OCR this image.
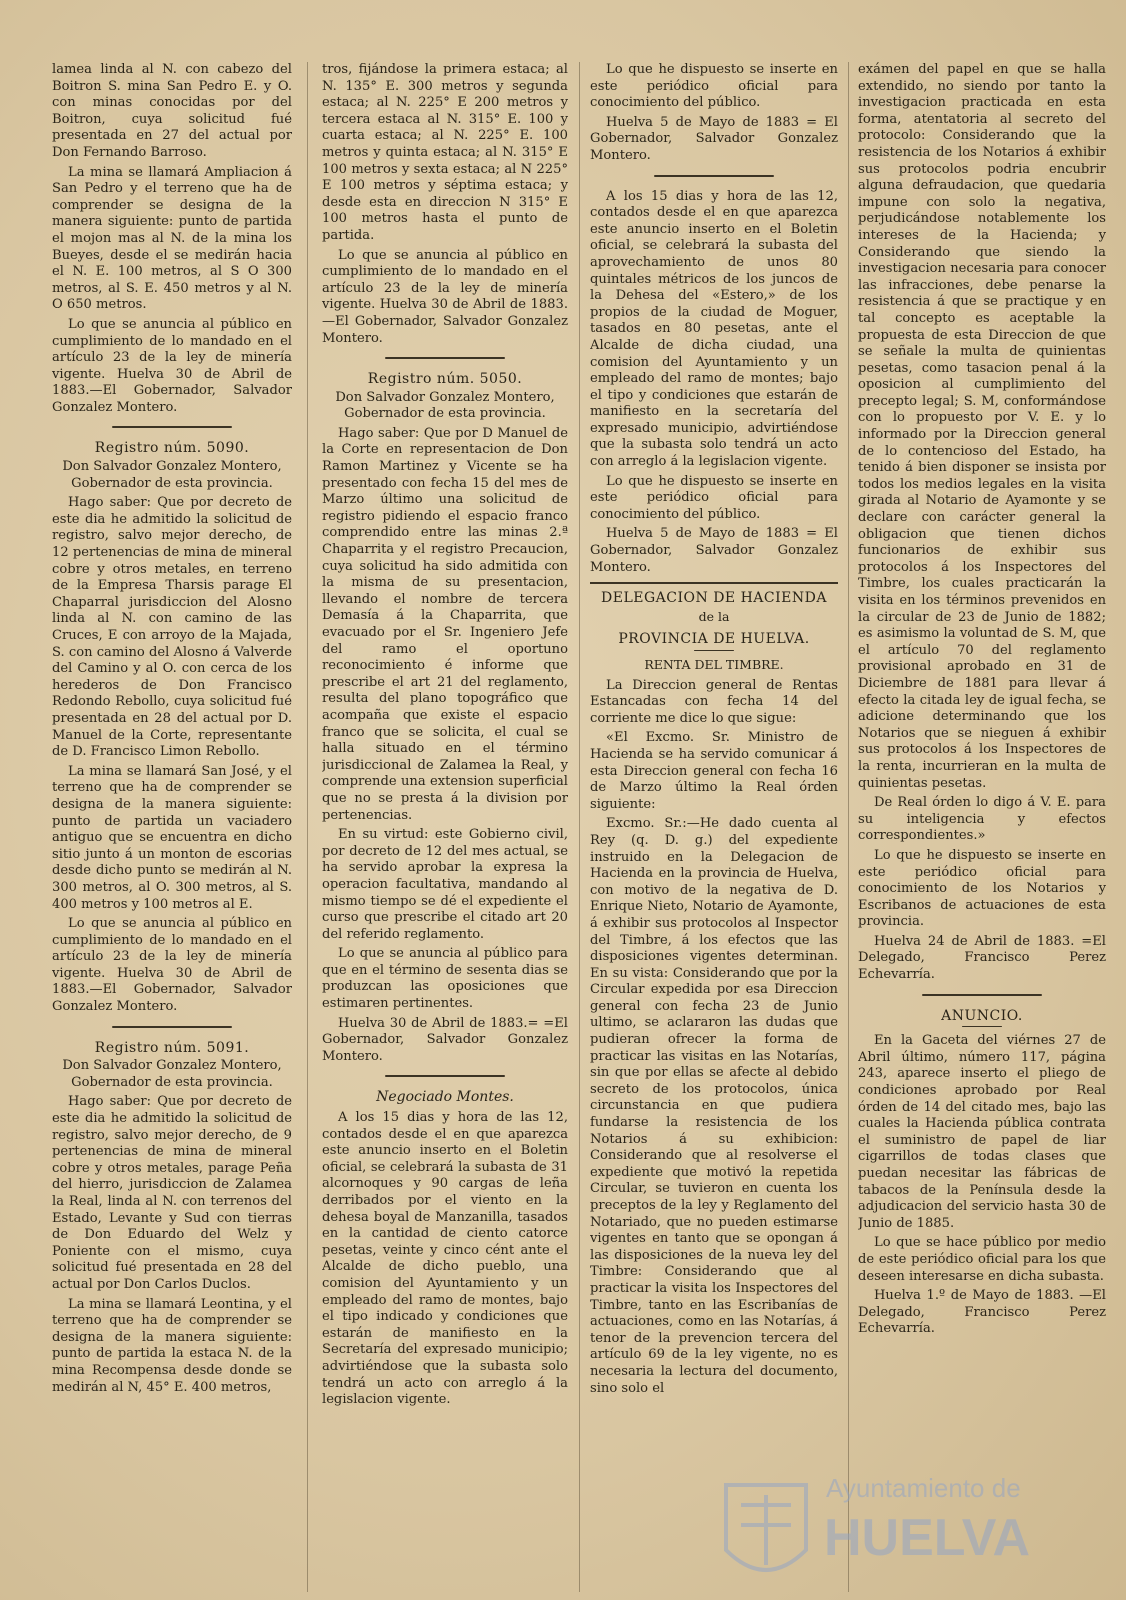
lamea linda al N. con cabezo del Boitron S. mina San Pedro E. y O. con minas conocidas por del Boitron, cuya solicitud fué presentada en 27 del actual por Don Fernando Barroso.

La mina se llamará Ampliacion á San Pedro y el terreno que ha de comprender se designa de la manera siguiente: punto de partida el mojon mas al N. de la mina los Bueyes, desde el se medirán hacia el N. E. 100 metros, al S O 300 metros, al S. E. 450 metros y al N. O 650 metros.

Lo que se anuncia al público en cumplimiento de lo mandado en el artículo 23 de la ley de minería vigente. Huelva 30 de Abril de 1883.—El Gobernador, Salvador Gonzalez Montero.

Registro núm. 5090.

Don Salvador Gonzalez Montero, Gobernador de esta provincia.

Hago saber: Que por decreto de este dia he admitido la solicitud de registro, salvo mejor derecho, de 12 pertenencias de mina de mineral cobre y otros metales, en terreno de la Empresa Tharsis parage El Chaparral jurisdiccion del Alosno linda al N. con camino de las Cruces, E con arroyo de la Majada, S. con camino del Alosno á Valverde del Camino y al O. con cerca de los herederos de Don Francisco Redondo Rebollo, cuya solicitud fué presentada en 28 del actual por D. Manuel de la Corte, representante de D. Francisco Limon Rebollo.

La mina se llamará San José, y el terreno que ha de comprender se designa de la manera siguiente: punto de partida un vaciadero antiguo que se encuentra en dicho sitio junto á un monton de escorias desde dicho punto se medirán al N. 300 metros, al O. 300 metros, al S. 400 metros y 100 metros al E.

Lo que se anuncia al público en cumplimiento de lo mandado en el artículo 23 de la ley de minería vigente. Huelva 30 de Abril de 1883.—El Gobernador, Salvador Gonzalez Montero.

Registro núm. 5091.

Don Salvador Gonzalez Montero, Gobernador de esta provincia.

Hago saber: Que por decreto de este dia he admitido la solicitud de registro, salvo mejor derecho, de 9 pertenencias de mina de mineral cobre y otros metales, parage Peña del hierro, jurisdiccion de Zalamea la Real, linda al N. con terrenos del Estado, Levante y Sud con tierras de Don Eduardo del Welz y Poniente con el mismo, cuya solicitud fué presentada en 28 del actual por Don Carlos Duclos.

La mina se llamará Leontina, y el terreno que ha de comprender se designa de la manera siguiente: punto de partida la estaca N. de la mina Recompensa desde donde se medirán al N, 45° E. 400 metros,

tros, fijándose la primera estaca; al N. 135° E. 300 metros y segunda estaca; al N. 225° E 200 metros y tercera estaca al N. 315° E. 100 y cuarta estaca; al N. 225° E. 100 metros y quinta estaca; al N. 315° E 100 metros y sexta estaca; al N 225° E 100 metros y séptima estaca; y desde esta en direccion N 315° E 100 metros hasta el punto de partida.

Lo que se anuncia al público en cumplimiento de lo mandado en el artículo 23 de la ley de minería vigente. Huelva 30 de Abril de 1883.—El Gobernador, Salvador Gonzalez Montero.

Registro núm. 5050.

Don Salvador Gonzalez Montero, Gobernador de esta provincia.

Hago saber: Que por D Manuel de la Corte en representacion de Don Ramon Martinez y Vicente se ha presentado con fecha 15 del mes de Marzo último una solicitud de registro pidiendo el espacio franco comprendido entre las minas 2.ª Chaparrita y el registro Precaucion, cuya solicitud ha sido admitida con la misma de su presentacion, llevando el nombre de tercera Demasía á la Chaparrita, que evacuado por el Sr. Ingeniero Jefe del ramo el oportuno reconocimiento é informe que prescribe el art 21 del reglamento, resulta del plano topográfico que acompaña que existe el espacio franco que se solicita, el cual se halla situado en el término jurisdiccional de Zalamea la Real, y comprende una extension superficial que no se presta á la division por pertenencias.

En su virtud: este Gobierno civil, por decreto de 12 del mes actual, se ha servido aprobar la expresa la operacion facultativa, mandando al mismo tiempo se dé el expediente el curso que prescribe el citado art 20 del referido reglamento.

Lo que se anuncia al público para que en el término de sesenta dias se produzcan las oposiciones que estimaren pertinentes.

Huelva 30 de Abril de 1883.= =El Gobernador, Salvador Gonzalez Montero.

Negociado Montes.

A los 15 dias y hora de las 12, contados desde el en que aparezca este anuncio inserto en el Boletin oficial, se celebrará la subasta de 31 alcornoques y 90 cargas de leña derribados por el viento en la dehesa boyal de Manzanilla, tasados en la cantidad de ciento catorce pesetas, veinte y cinco cént ante el Alcalde de dicho pueblo, una comision del Ayuntamiento y un empleado del ramo de montes, bajo el tipo indicado y condiciones que estarán de manifiesto en la Secretaría del expresado municipio; advirtiéndose que la subasta solo tendrá un acto con arreglo á la legislacion vigente.

Lo que he dispuesto se inserte en este periódico oficial para conocimiento del público.

Huelva 5 de Mayo de 1883 = El Gobernador, Salvador Gonzalez Montero.

A los 15 dias y hora de las 12, contados desde el en que aparezca este anuncio inserto en el Boletin oficial, se celebrará la subasta del aprovechamiento de unos 80 quintales métricos de los juncos de la Dehesa del «Estero,» de los propios de la ciudad de Moguer, tasados en 80 pesetas, ante el Alcalde de dicha ciudad, una comision del Ayuntamiento y un empleado del ramo de montes; bajo el tipo y condiciones que estarán de manifiesto en la secretaría del expresado municipio, advirtiéndose que la subasta solo tendrá un acto con arreglo á la legislacion vigente.

Lo que he dispuesto se inserte en este periódico oficial para conocimiento del público.

Huelva 5 de Mayo de 1883 = El Gobernador, Salvador Gonzalez Montero.

DELEGACION DE HACIENDA
de la
PROVINCIA DE HUELVA.
RENTA DEL TIMBRE.

La Direccion general de Rentas Estancadas con fecha 14 del corriente me dice lo que sigue:

«El Excmo. Sr. Ministro de Hacienda se ha servido comunicar á esta Direccion general con fecha 16 de Marzo último la Real órden siguiente:

Excmo. Sr.:—He dado cuenta al Rey (q. D. g.) del expediente instruido en la Delegacion de Hacienda en la provincia de Huelva, con motivo de la negativa de D. Enrique Nieto, Notario de Ayamonte, á exhibir sus protocolos al Inspector del Timbre, á los efectos que las disposiciones vigentes determinan. En su vista: Considerando que por la Circular expedida por esa Direccion general con fecha 23 de Junio ultimo, se aclararon las dudas que pudieran ofrecer la forma de practicar las visitas en las Notarías, sin que por ellas se afecte al debido secreto de los protocolos, única circunstancia en que pudiera fundarse la resistencia de los Notarios á su exhibicion: Considerando que al resolverse el expediente que motivó la repetida Circular, se tuvieron en cuenta los preceptos de la ley y Reglamento del Notariado, que no pueden estimarse vigentes en tanto que se opongan á las disposiciones de la nueva ley del Timbre: Considerando que al practicar la visita los Inspectores del Timbre, tanto en las Escribanías de actuaciones, como en las Notarías, á tenor de la prevencion tercera del artículo 69 de la ley vigente, no es necesaria la lectura del documento, sino solo el

exámen del papel en que se halla extendido, no siendo por tanto la investigacion practicada en esta forma, atentatoria al secreto del protocolo: Considerando que la resistencia de los Notarios á exhibir sus protocolos podria encubrir alguna defraudacion, que quedaria impune con solo la negativa, perjudicándose notablemente los intereses de la Hacienda; y Considerando que siendo la investigacion necesaria para conocer las infracciones, debe penarse la resistencia á que se practique y en tal concepto es aceptable la propuesta de esta Direccion de que se señale la multa de quinientas pesetas, como tasacion penal á la oposicion al cumplimiento del precepto legal; S. M, conformándose con lo propuesto por V. E. y lo informado por la Direccion general de lo contencioso del Estado, ha tenido á bien disponer se insista por todos los medios legales en la visita girada al Notario de Ayamonte y se declare con carácter general la obligacion que tienen dichos funcionarios de exhibir sus protocolos á los Inspectores del Timbre, los cuales practicarán la visita en los términos prevenidos en la circular de 23 de Junio de 1882; es asimismo la voluntad de S. M, que el artículo 70 del reglamento provisional aprobado en 31 de Diciembre de 1881 para llevar á efecto la citada ley de igual fecha, se adicione determinando que los Notarios que se nieguen á exhibir sus protocolos á los Inspectores de la renta, incurrieran en la multa de quinientas pesetas.

De Real órden lo digo á V. E. para su inteligencia y efectos correspondientes.»

Lo que he dispuesto se inserte en este periódico oficial para conocimiento de los Notarios y Escribanos de actuaciones de esta provincia.

Huelva 24 de Abril de 1883. =El Delegado, Francisco Perez Echevarría.

ANUNCIO.

En la Gaceta del viérnes 27 de Abril último, número 117, página 243, aparece inserto el pliego de condiciones aprobado por Real órden de 14 del citado mes, bajo las cuales la Hacienda pública contrata el suministro de papel de liar cigarrillos de todas clases que puedan necesitar las fábricas de tabacos de la Península desde la adjudicacion del servicio hasta 30 de Junio de 1885.

Lo que se hace público por medio de este periódico oficial para los que deseen interesarse en dicha subasta.

Huelva 1.º de Mayo de 1883. —El Delegado, Francisco Perez Echevarría.

Ayuntamiento de
HUELVA
